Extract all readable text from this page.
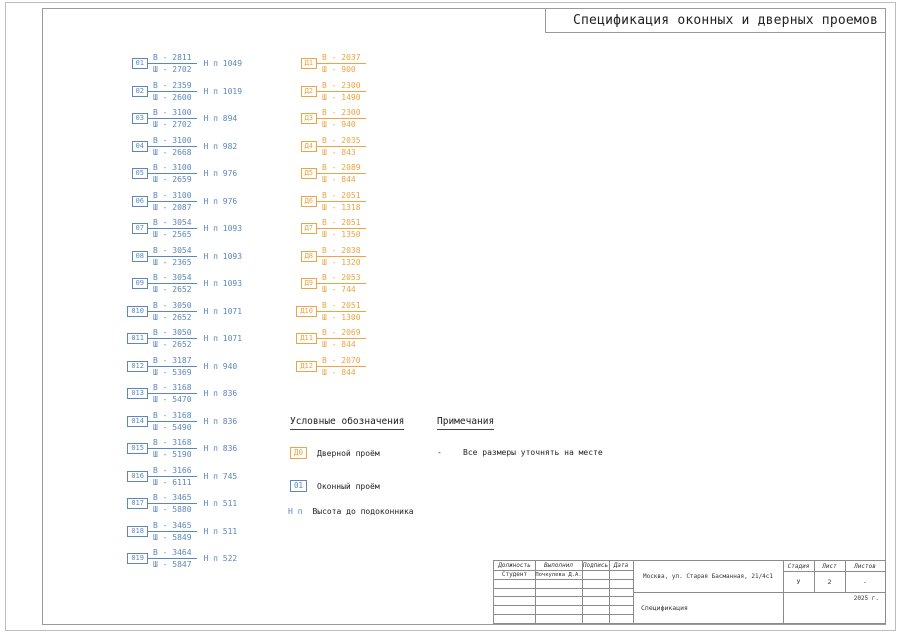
Спецификация оконных и дверных проемов
$01 \frac{В - 2811}{Ш - 2702}$ Н п 1049
$02 \frac{В - 2359}{Ш - 2600}$ Н п 1019
$03 \frac{В - 3100}{Ш - 2702}$ Н п 894
$04 \frac{В - 3100}{Ш - 2668}$ Н п 982
$05 \frac{В - 3100}{Ш - 2659}$ Н п 976
$06 \frac{В - 3100}{Ш - 2087}$ Н п 976
$07 \frac{В - 3054}{Ш - 2565}$ Н п 1093
$08 \frac{В - 3054}{Ш - 2365}$ Н п 1093
$09 \frac{В - 3054}{Ш - 2652}$ Н п 1093
$010 \frac{В - 3050}{Ш - 2652}$ Н п 1071
$011 \frac{В - 3050}{Ш - 2652}$ Н п 1071
$012 \frac{В - 3187}{Ш - 5369}$ Н п 940
$013 \frac{В - 3168}{Ш - 5470}$ Н п 836
$014 \frac{В - 3168}{Ш - 5490}$ Н п 836
$015 \frac{В - 3168}{Ш - 5190}$ Н п 836
$016 \frac{В - 3166}{Ш - 6111}$ Н п 745
$017 \frac{В - 3465}{Ш - 5880}$ Н п 511
$018 \frac{В - 3465}{Ш - 5849}$ Н п 511
$019 \frac{В - 3464}{Ш - 5847}$ Н п 522
$Д1 \frac{В - 2037}{Ш - 900}$
$Д2 \frac{В - 2300}{Ш - 1490}$
$Д3 \frac{В - 2300}{Ш - 940}$
$Д4 \frac{В - 2035}{Ш - 843}$
$Д5 \frac{В - 2089}{Ш - 844}$
$Д6 \frac{В - 2051}{Ш - 1318}$
$Д7 \frac{В - 2051}{Ш - 1350}$
$Д8 \frac{В - 2038}{Ш - 1320}$
$Д9 \frac{В - 2053}{Ш - 744}$
$Д10 \frac{В - 2051}{Ш - 1300}$
$Д11 \frac{В - 2069}{Ш - 844}$
$Д12 \frac{В - 2070}{Ш - 844}$
Условные обозначения
Д0	Дверной проём
01	Оконный проём
Н п Высота до подоконника
Примечания
-	Все размеры уточнять на месте
Должность	Выполнил	Подпись Дата
Студент	Почкулева Д.А.	Москва, ул. Старая Басманная, 21/4с1
Спецификация
Стадия	Лист	Листов
У	2	-
2025 г.
